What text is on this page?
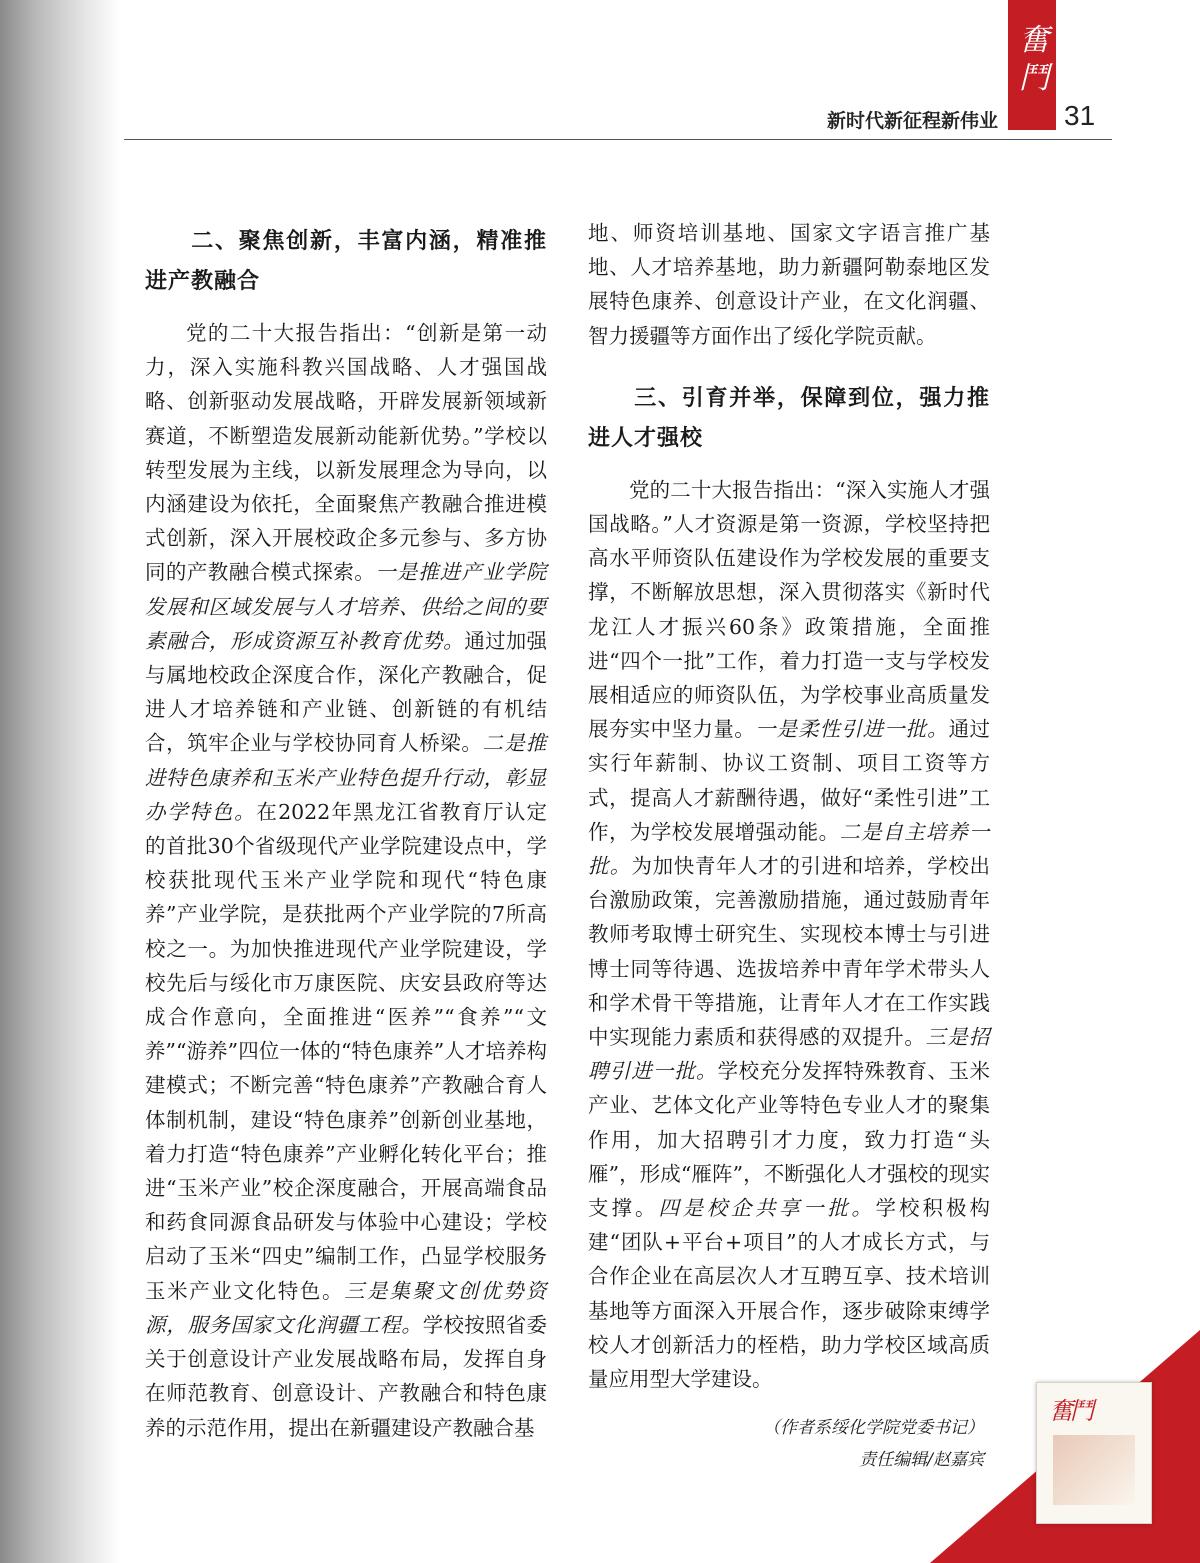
奮鬥
新时代新征程新伟业 31
二、聚焦创新，丰富内涵，精准推进产教融合

党的二十大报告指出：“创新是第一动力，深入实施科教兴国战略、人才强国战略、创新驱动发展战略，开辟发展新领域新赛道，不断塑造发展新动能新优势。”学校以转型发展为主线，以新发展理念为导向，以内涵建设为依托，全面聚焦产教融合推进模式创新，深入开展校政企多元参与、多方协同的产教融合模式探索。一是推进产业学院发展和区域发展与人才培养、供给之间的要素融合，形成资源互补教育优势。通过加强与属地校政企深度合作，深化产教融合，促进人才培养链和产业链、创新链的有机结合，筑牢企业与学校协同育人桥梁。二是推进特色康养和玉米产业特色提升行动，彰显办学特色。在2022年黑龙江省教育厅认定的首批30个省级现代产业学院建设点中，学校获批现代玉米产业学院和现代“特色康养”产业学院，是获批两个产业学院的7所高校之一。为加快推进现代产业学院建设，学校先后与绥化市万康医院、庆安县政府等达成合作意向，全面推进“医养”“食养”“文养”“游养”四位一体的“特色康养”人才培养构建模式；不断完善“特色康养”产教融合育人体制机制，建设“特色康养”创新创业基地，着力打造“特色康养”产业孵化转化平台；推进“玉米产业”校企深度融合，开展高端食品和药食同源食品研发与体验中心建设；学校启动了玉米“四史”编制工作，凸显学校服务玉米产业文化特色。三是集聚文创优势资源，服务国家文化润疆工程。学校按照省委关于创意设计产业发展战略布局，发挥自身在师范教育、创意设计、产教融合和特色康养的示范作用，提出在新疆建设产教融合基

地、师资培训基地、国家文字语言推广基地、人才培养基地，助力新疆阿勒泰地区发展特色康养、创意设计产业，在文化润疆、智力援疆等方面作出了绥化学院贡献。

三、引育并举，保障到位，强力推进人才强校

党的二十大报告指出：“深入实施人才强国战略。”人才资源是第一资源，学校坚持把高水平师资队伍建设作为学校发展的重要支撑，不断解放思想，深入贯彻落实《新时代龙江人才振兴60条》政策措施，全面推进“四个一批”工作，着力打造一支与学校发展相适应的师资队伍，为学校事业高质量发展夯实中坚力量。一是柔性引进一批。通过实行年薪制、协议工资制、项目工资等方式，提高人才薪酬待遇，做好“柔性引进”工作，为学校发展增强动能。二是自主培养一批。为加快青年人才的引进和培养，学校出台激励政策，完善激励措施，通过鼓励青年教师考取博士研究生、实现校本博士与引进博士同等待遇、选拔培养中青年学术带头人和学术骨干等措施，让青年人才在工作实践中实现能力素质和获得感的双提升。三是招聘引进一批。学校充分发挥特殊教育、玉米产业、艺体文化产业等特色专业人才的聚集作用，加大招聘引才力度，致力打造“头雁”，形成“雁阵”，不断强化人才强校的现实支撑。四是校企共享一批。学校积极构建“团队+平台+项目”的人才成长方式，与合作企业在高层次人才互聘互享、技术培训基地等方面深入开展合作，逐步破除束缚学校人才创新活力的桎梏，助力学校区域高质量应用型大学建设。

（作者系绥化学院党委书记）
责任编辑/赵嘉宾
奮鬥
